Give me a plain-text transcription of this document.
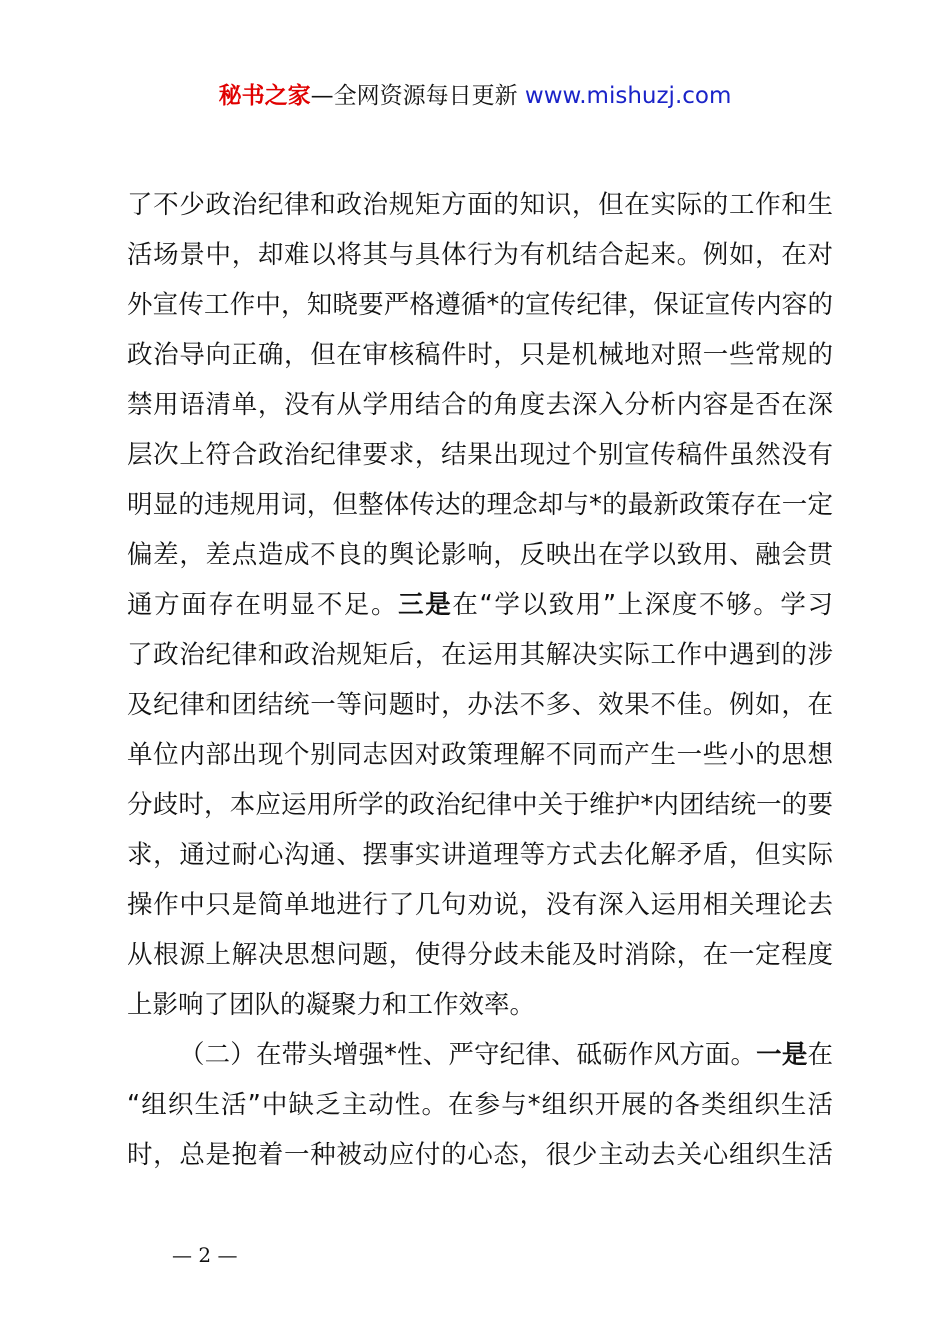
秘书之家—全网资源每日更新 www.mishuzj.com
了不少政治纪律和政治规矩方面的知识，但在实际的工作和生
活场景中，却难以将其与具体行为有机结合起来。例如，在对
外宣传工作中，知晓要严格遵循*的宣传纪律，保证宣传内容的
政治导向正确，但在审核稿件时，只是机械地对照一些常规的
禁用语清单，没有从学用结合的角度去深入分析内容是否在深
层次上符合政治纪律要求，结果出现过个别宣传稿件虽然没有
明显的违规用词，但整体传达的理念却与*的最新政策存在一定
偏差，差点造成不良的舆论影响，反映出在学以致用、融会贯
通方面存在明显不足。三是在“学以致用”上深度不够。学习
了政治纪律和政治规矩后，在运用其解决实际工作中遇到的涉
及纪律和团结统一等问题时，办法不多、效果不佳。例如，在
单位内部出现个别同志因对政策理解不同而产生一些小的思想
分歧时，本应运用所学的政治纪律中关于维护*内团结统一的要
求，通过耐心沟通、摆事实讲道理等方式去化解矛盾，但实际
操作中只是简单地进行了几句劝说，没有深入运用相关理论去
从根源上解决思想问题，使得分歧未能及时消除，在一定程度
上影响了团队的凝聚力和工作效率。
（二）在带头增强*性、严守纪律、砥砺作风方面。一是在
“组织生活”中缺乏主动性。在参与*组织开展的各类组织生活
时，总是抱着一种被动应付的心态，很少主动去关心组织生活
— 2 —
